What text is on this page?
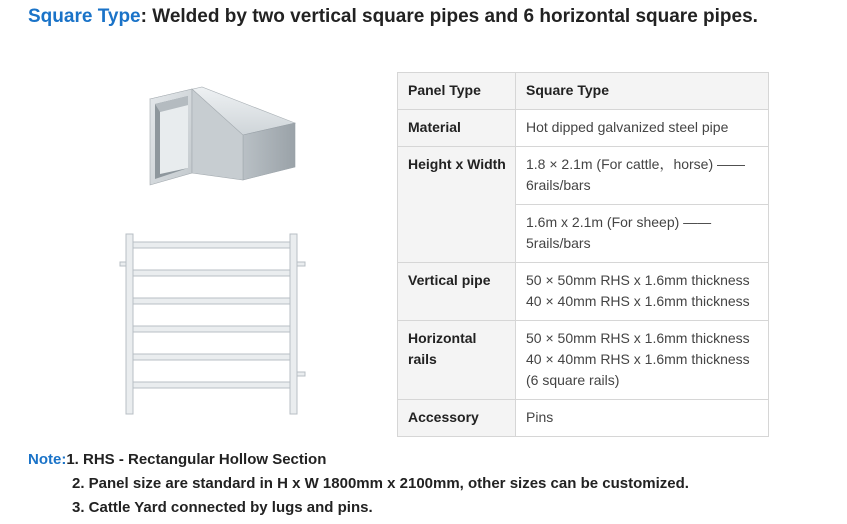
Square Type: Welded by two vertical square pipes and 6 horizontal square pipes.
Panel Type	Square Type
Material	Hot dipped galvanized steel pipe
Height x Width	1.8 × 2.1m (For cattle，horse) ——6rails/bars
	1.6m x 2.1m (For sheep) —— 5rails/bars
Vertical pipe	50 × 50mm RHS x 1.6mm thickness
40 × 40mm RHS x 1.6mm thickness

Horizontal rails	50 × 50mm RHS x 1.6mm thickness
40 × 40mm RHS x 1.6mm thickness
(6 square rails)

Accessory	Pins
Note:1. RHS - Rectangular Hollow Section
2. Panel size are standard in H x W 1800mm x 2100mm, other sizes can be customized.
3. Cattle Yard connected by lugs and pins.
